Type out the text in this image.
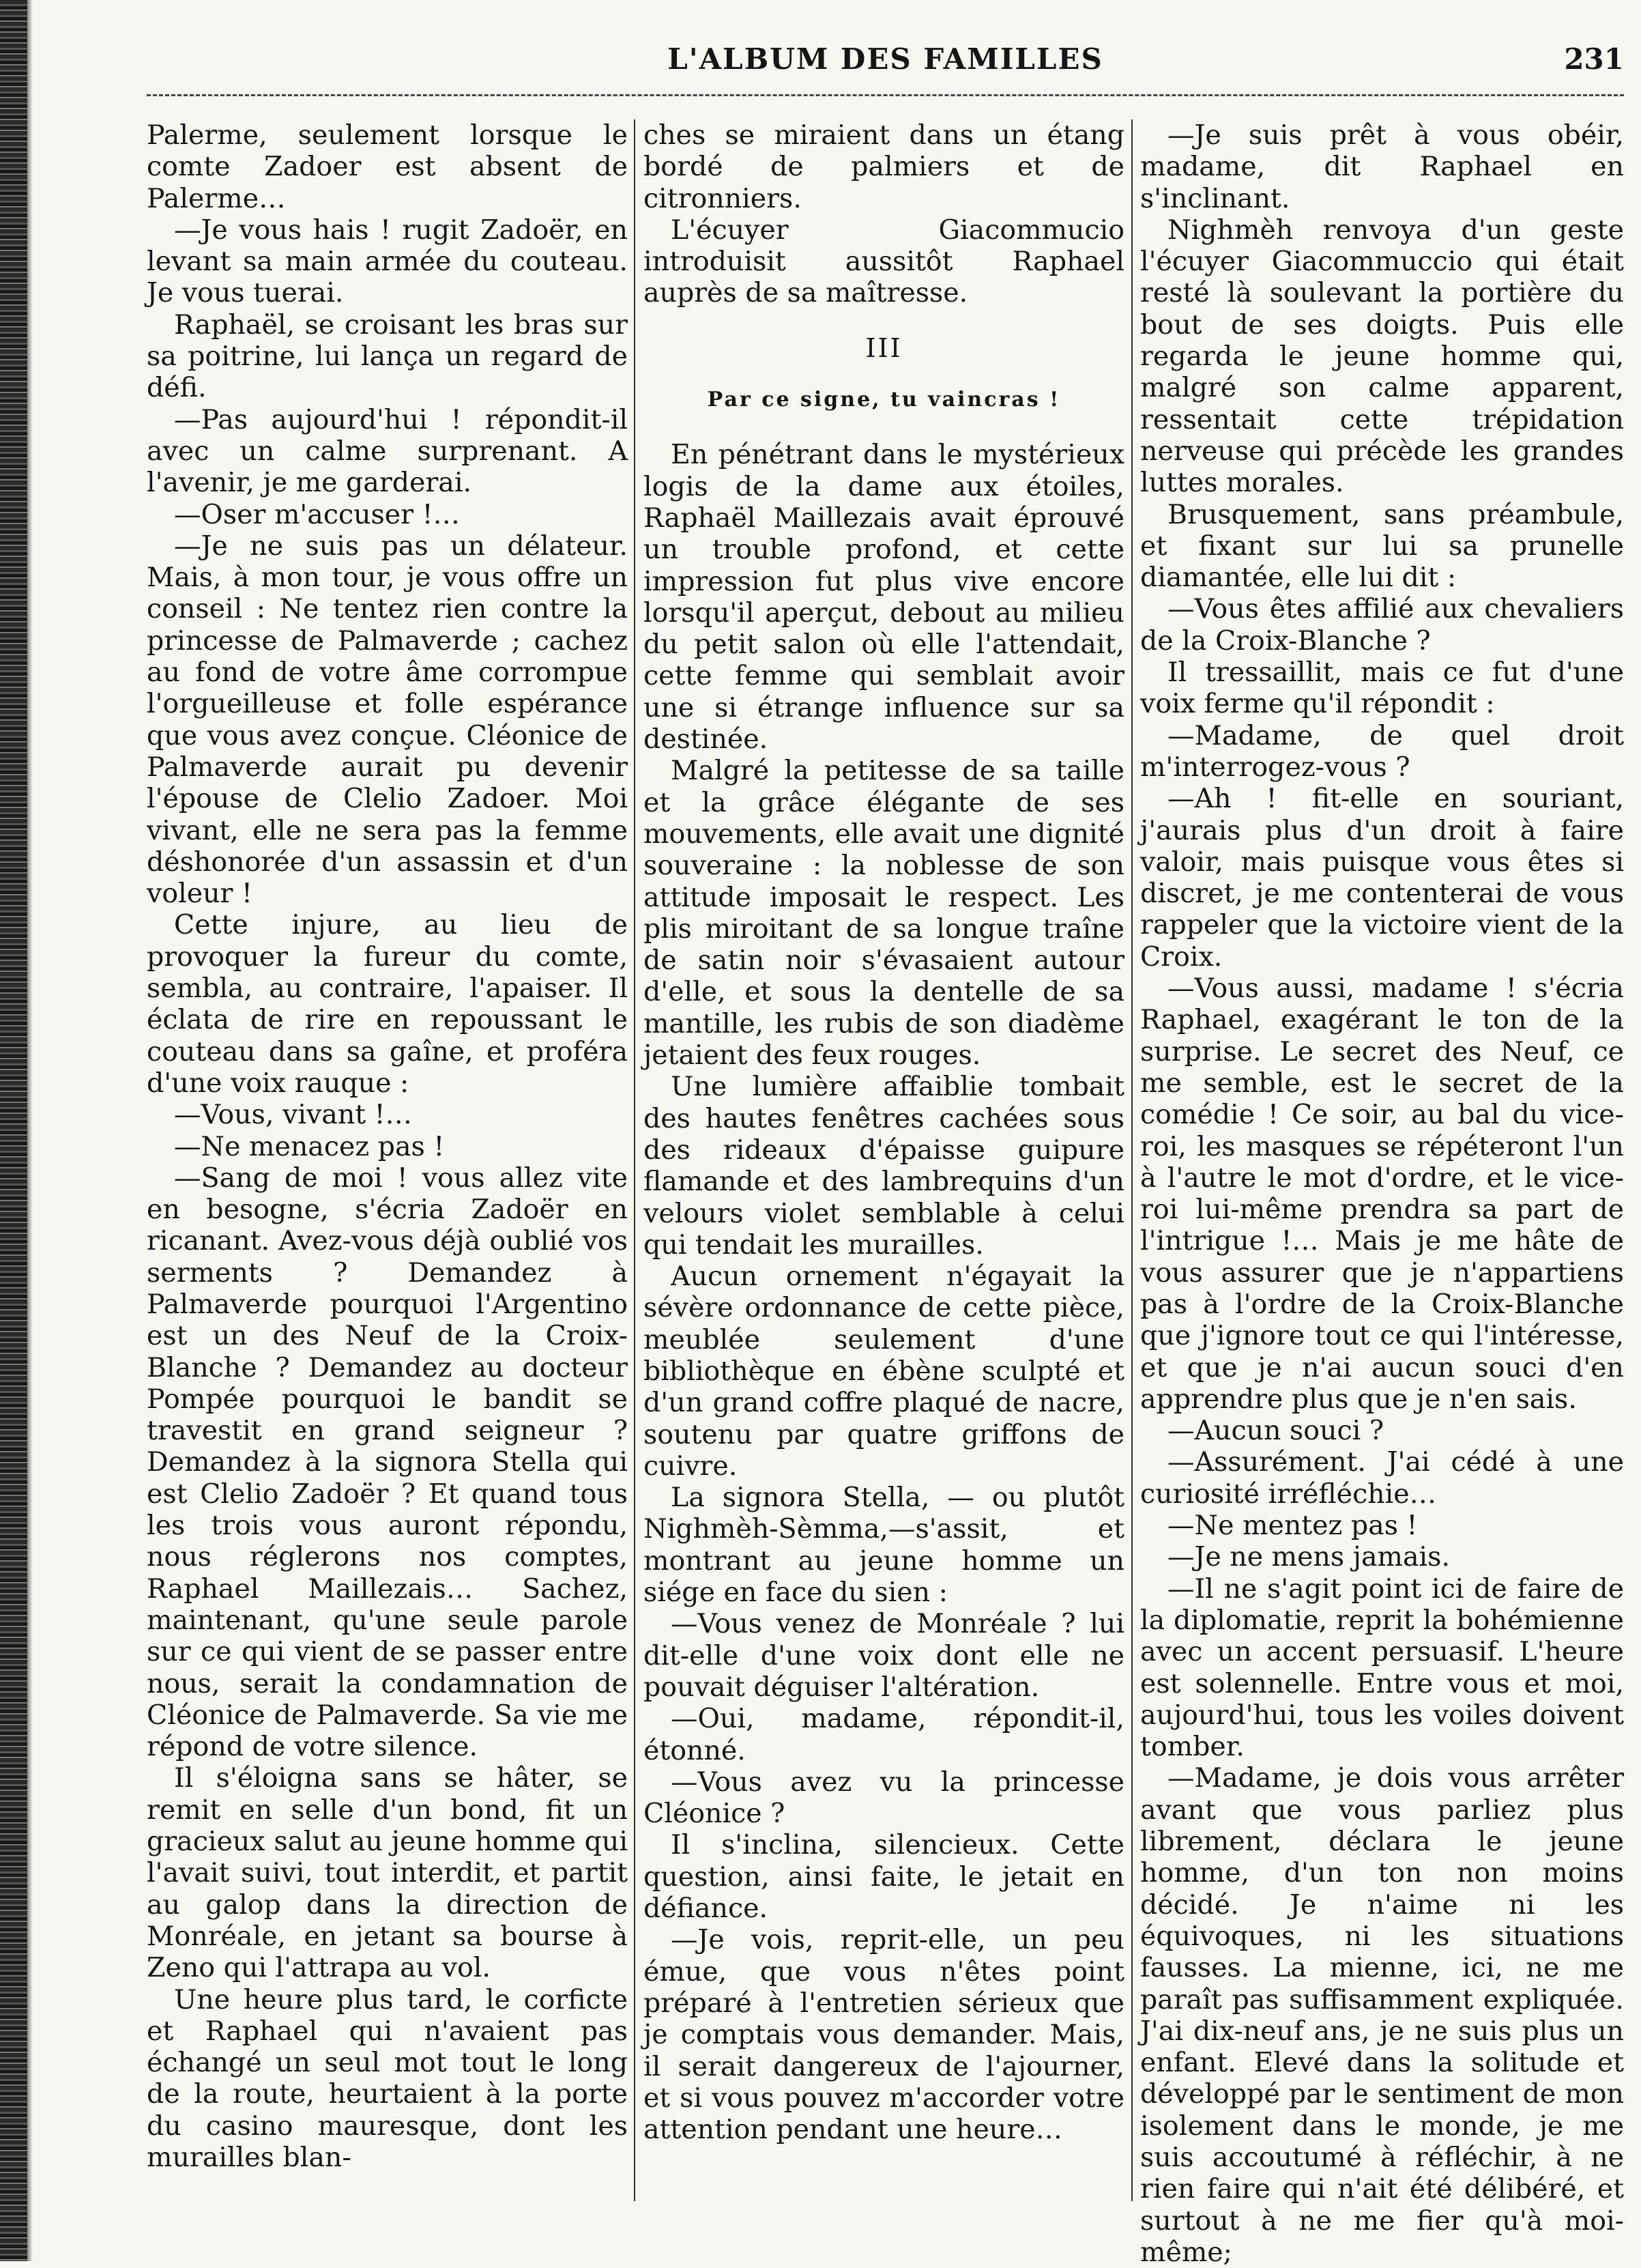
L'ALBUM DES FAMILLES	231

Palerme, seulement lorsque le comte Zadoer est absent de Palerme…

—Je vous hais ! rugit Zadoër, en levant sa main armée du couteau. Je vous tuerai.

Raphaël, se croisant les bras sur sa poitrine, lui lança un regard de défi.

—Pas aujourd'hui ! répondit-il avec un calme surprenant. A l'avenir, je me garderai.

—Oser m'accuser !…

—Je ne suis pas un délateur. Mais, à mon tour, je vous offre un conseil : Ne tentez rien contre la princesse de Palmaverde ; cachez au fond de votre âme corrompue l'orgueilleuse et folle espérance que vous avez conçue. Cléonice de Palmaverde aurait pu devenir l'épouse de Clelio Zadoer. Moi vivant, elle ne sera pas la femme déshonorée d'un assassin et d'un voleur !

Cette injure, au lieu de provoquer la fureur du comte, sembla, au contraire, l'apaiser. Il éclata de rire en repoussant le couteau dans sa gaîne, et proféra d'une voix rauque :

—Vous, vivant !…

—Ne menacez pas !

—Sang de moi ! vous allez vite en besogne, s'écria Zadoër en ricanant. Avez-vous déjà oublié vos serments ? Demandez à Palmaverde pourquoi l'Argentino est un des Neuf de la Croix-Blanche ? Demandez au docteur Pompée pourquoi le bandit se travestit en grand seigneur ? Demandez à la signora Stella qui est Clelio Zadoër ? Et quand tous les trois vous auront répondu, nous réglerons nos comptes, Raphael Maillezais… Sachez, maintenant, qu'une seule parole sur ce qui vient de se passer entre nous, serait la condamnation de Cléonice de Palmaverde. Sa vie me répond de votre silence.

Il s'éloigna sans se hâter, se remit en selle d'un bond, fit un gracieux salut au jeune homme qui l'avait suivi, tout interdit, et partit au galop dans la direction de Monréale, en jetant sa bourse à Zeno qui l'attrapa au vol.

Une heure plus tard, le corficte et Raphael qui n'avaient pas échangé un seul mot tout le long de la route, heurtaient à la porte du casino mauresque, dont les murailles blan-

ches se miraient dans un étang bordé de palmiers et de citronniers.

L'écuyer Giacommucio introduisit aussitôt Raphael auprès de sa maîtresse.

III
Par ce signe, tu vaincras !

En pénétrant dans le mystérieux logis de la dame aux étoiles, Raphaël Maillezais avait éprouvé un trouble profond, et cette impression fut plus vive encore lorsqu'il aperçut, debout au milieu du petit salon où elle l'attendait, cette femme qui semblait avoir une si étrange influence sur sa destinée.

Malgré la petitesse de sa taille et la grâce élégante de ses mouvements, elle avait une dignité souveraine : la noblesse de son attitude imposait le respect. Les plis miroitant de sa longue traîne de satin noir s'évasaient autour d'elle, et sous la dentelle de sa mantille, les rubis de son diadème jetaient des feux rouges.

Une lumière affaiblie tombait des hautes fenêtres cachées sous des rideaux d'épaisse guipure flamande et des lambrequins d'un velours violet semblable à celui qui tendait les murailles.

Aucun ornement n'égayait la sévère ordonnance de cette pièce, meublée seulement d'une bibliothèque en ébène sculpté et d'un grand coffre plaqué de nacre, soutenu par quatre griffons de cuivre.

La signora Stella, — ou plutôt Nighmèh-Sèmma,—s'assit, et montrant au jeune homme un siége en face du sien :

—Vous venez de Monréale ? lui dit-elle d'une voix dont elle ne pouvait déguiser l'altération.

—Oui, madame, répondit-il, étonné.

—Vous avez vu la princesse Cléonice ?

Il s'inclina, silencieux. Cette question, ainsi faite, le jetait en défiance.

—Je vois, reprit-elle, un peu émue, que vous n'êtes point préparé à l'entretien sérieux que je comptais vous demander. Mais, il serait dangereux de l'ajourner, et si vous pouvez m'accorder votre attention pendant une heure…

—Je suis prêt à vous obéir, madame, dit Raphael en s'inclinant.

Nighmèh renvoya d'un geste l'écuyer Giacommuccio qui était resté là soulevant la portière du bout de ses doigts. Puis elle regarda le jeune homme qui, malgré son calme apparent, ressentait cette trépidation nerveuse qui précède les grandes luttes morales.

Brusquement, sans préambule, et fixant sur lui sa prunelle diamantée, elle lui dit :

—Vous êtes affilié aux chevaliers de la Croix-Blanche ?

Il tressaillit, mais ce fut d'une voix ferme qu'il répondit :

—Madame, de quel droit m'interrogez-vous ?

—Ah ! fit-elle en souriant, j'aurais plus d'un droit à faire valoir, mais puisque vous êtes si discret, je me contenterai de vous rappeler que la victoire vient de la Croix.

—Vous aussi, madame ! s'écria Raphael, exagérant le ton de la surprise. Le secret des Neuf, ce me semble, est le secret de la comédie ! Ce soir, au bal du vice-roi, les masques se répéteront l'un à l'autre le mot d'ordre, et le vice-roi lui-même prendra sa part de l'intrigue !… Mais je me hâte de vous assurer que je n'appartiens pas à l'ordre de la Croix-Blanche que j'ignore tout ce qui l'intéresse, et que je n'ai aucun souci d'en apprendre plus que je n'en sais.

—Aucun souci ?

—Assurément. J'ai cédé à une curiosité irréfléchie…

—Ne mentez pas !

—Je ne mens jamais.

—Il ne s'agit point ici de faire de la diplomatie, reprit la bohémienne avec un accent persuasif. L'heure est solennelle. Entre vous et moi, aujourd'hui, tous les voiles doivent tomber.

—Madame, je dois vous arrêter avant que vous parliez plus librement, déclara le jeune homme, d'un ton non moins décidé. Je n'aime ni les équivoques, ni les situations fausses. La mienne, ici, ne me paraît pas suffisamment expliquée. J'ai dix-neuf ans, je ne suis plus un enfant. Elevé dans la solitude et développé par le sentiment de mon isolement dans le monde, je me suis accoutumé à réfléchir, à ne rien faire qui n'ait été délibéré, et surtout à ne me fier qu'à moi-même;
